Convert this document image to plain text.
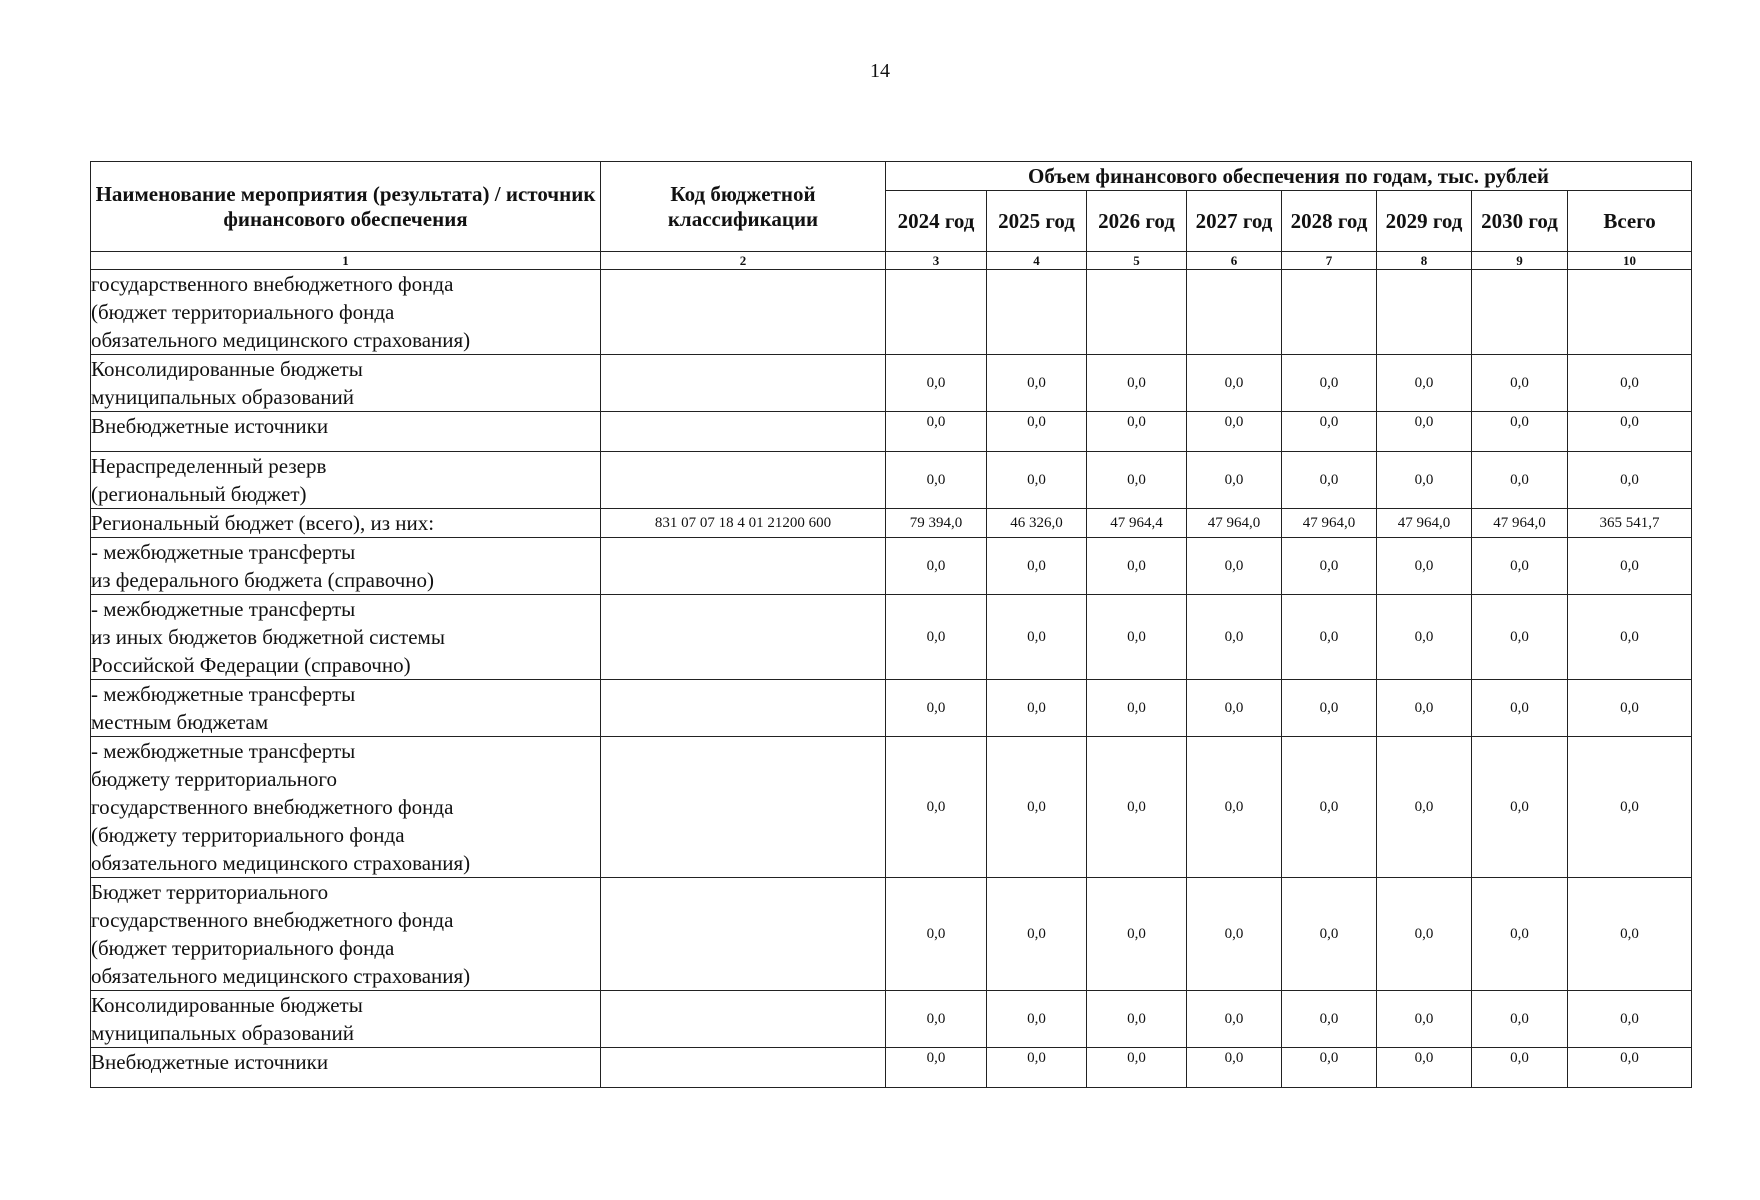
14
Наименование мероприятия (результата) / источник финансового обеспечения	Код бюджетной классификации	Объем финансового обеспечения по годам, тыс. рублей							
		2024 год	2025 год	2026 год	2027 год	2028 год	2029 год	2030 год	Всего
1	2	3	4	5	6	7	8	9	10
государственного внебюджетного фонда
(бюджет территориального фонда
обязательного медицинского страхования)									
Консолидированные бюджеты
муниципальных образований		0,0	0,0	0,0	0,0	0,0	0,0	0,0	0,0
Внебюджетные источники		0,0	0,0	0,0	0,0	0,0	0,0	0,0	0,0
Нераспределенный резерв
(региональный бюджет)		0,0	0,0	0,0	0,0	0,0	0,0	0,0	0,0
Региональный бюджет (всего), из них:	831 07 07 18 4 01 21200 600	79 394,0	46 326,0	47 964,4	47 964,0	47 964,0	47 964,0	47 964,0	365 541,7
- межбюджетные трансферты
из федерального бюджета (справочно)		0,0	0,0	0,0	0,0	0,0	0,0	0,0	0,0
- межбюджетные трансферты
из иных бюджетов бюджетной системы
Российской Федерации (справочно)		0,0	0,0	0,0	0,0	0,0	0,0	0,0	0,0
- межбюджетные трансферты
местным бюджетам		0,0	0,0	0,0	0,0	0,0	0,0	0,0	0,0
- межбюджетные трансферты
бюджету территориального
государственного внебюджетного фонда
(бюджету территориального фонда
обязательного медицинского страхования)		0,0	0,0	0,0	0,0	0,0	0,0	0,0	0,0
Бюджет территориального
государственного внебюджетного фонда
(бюджет территориального фонда
обязательного медицинского страхования)		0,0	0,0	0,0	0,0	0,0	0,0	0,0	0,0
Консолидированные бюджеты
муниципальных образований		0,0	0,0	0,0	0,0	0,0	0,0	0,0	0,0
Внебюджетные источники		0,0	0,0	0,0	0,0	0,0	0,0	0,0	0,0
